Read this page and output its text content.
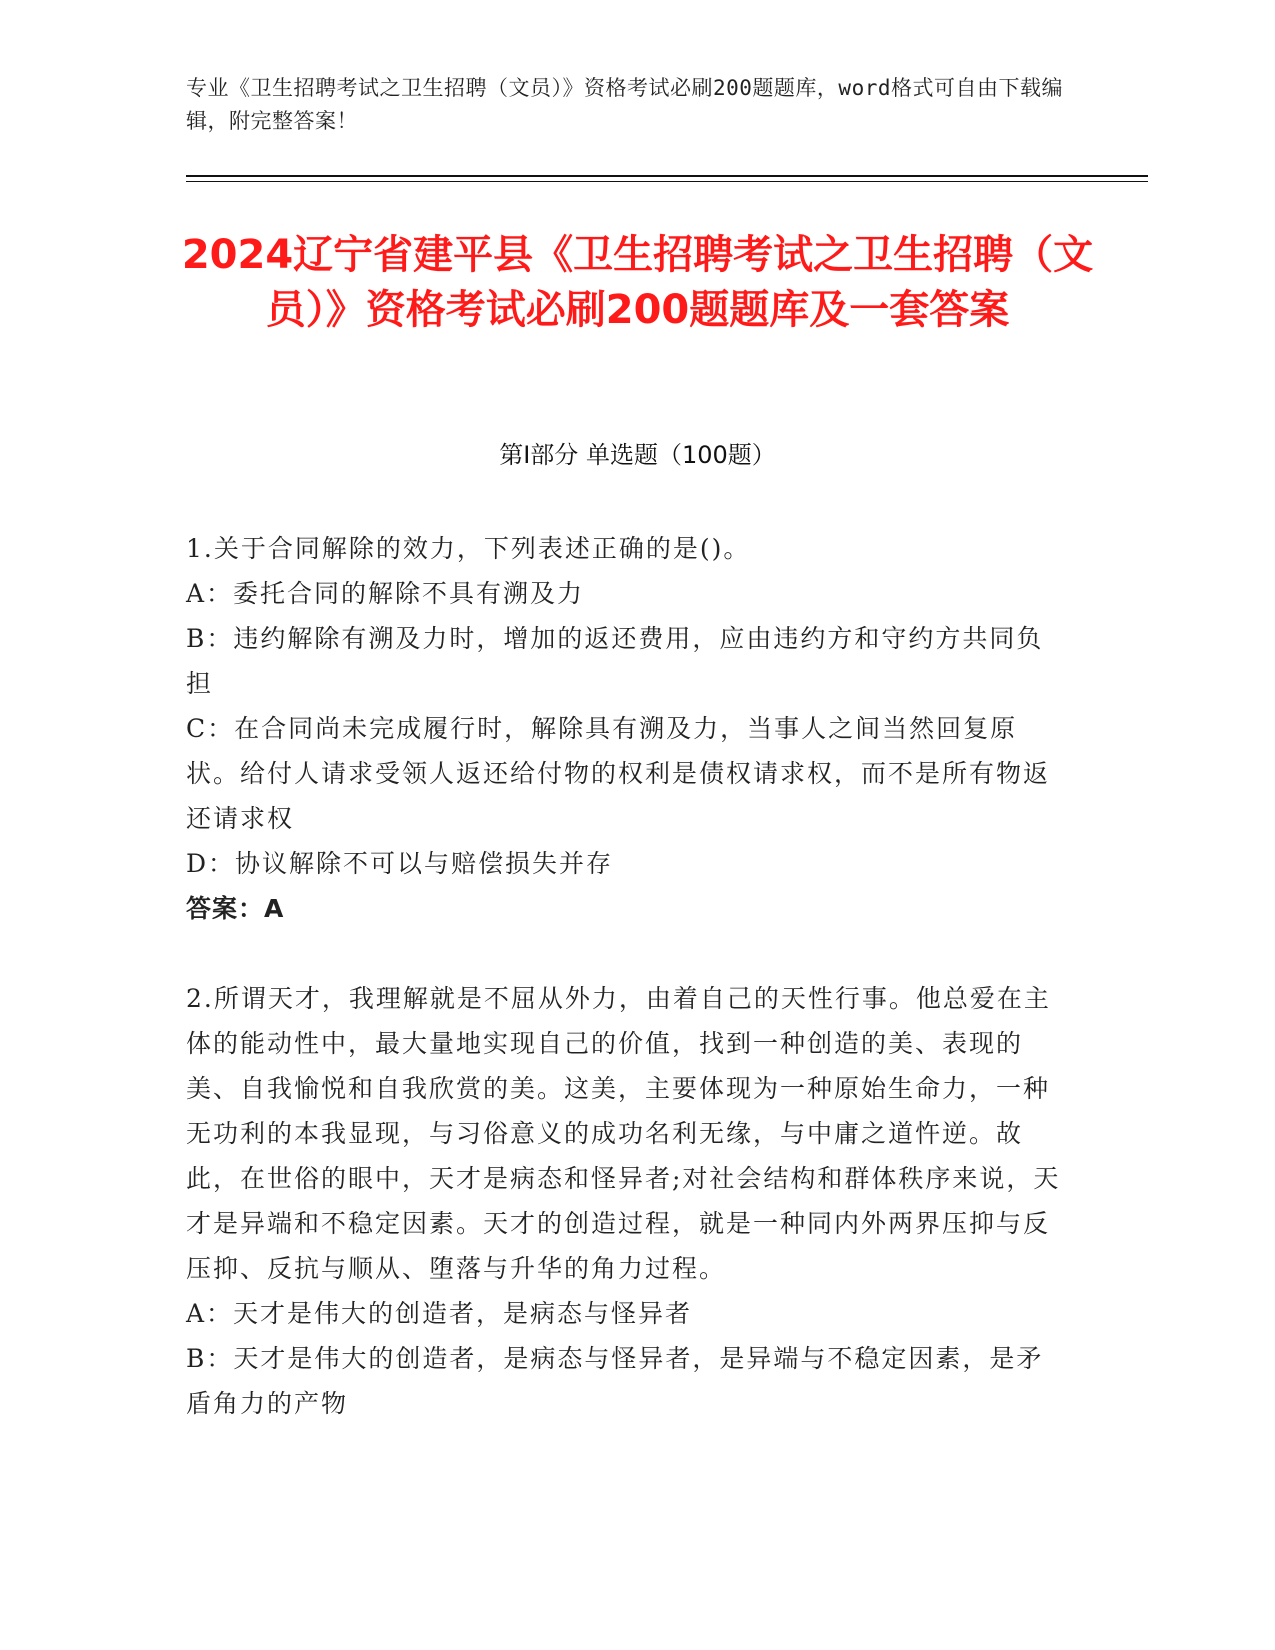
专业《卫生招聘考试之卫生招聘（文员）》资格考试必刷200题题库，word格式可自由下载编辑，附完整答案！
2024辽宁省建平县《卫生招聘考试之卫生招聘（文员）》资格考试必刷200题题库及一套答案
第Ⅰ部分 单选题（100题）

1.关于合同解除的效力，下列表述正确的是()。

A：委托合同的解除不具有溯及力

B：违约解除有溯及力时，增加的返还费用，应由违约方和守约方共同负担

C：在合同尚未完成履行时，解除具有溯及力，当事人之间当然回复原状。给付人请求受领人返还给付物的权利是债权请求权，而不是所有物返还请求权

D：协议解除不可以与赔偿损失并存

答案：A

2.所谓天才，我理解就是不屈从外力，由着自己的天性行事。他总爱在主体的能动性中，最大量地实现自己的价值，找到一种创造的美、表现的美、自我愉悦和自我欣赏的美。这美，主要体现为一种原始生命力，一种无功利的本我显现，与习俗意义的成功名利无缘，与中庸之道忤逆。故此，在世俗的眼中，天才是病态和怪异者;对社会结构和群体秩序来说，天才是异端和不稳定因素。天才的创造过程，就是一种同内外两界压抑与反压抑、反抗与顺从、堕落与升华的角力过程。

A：天才是伟大的创造者，是病态与怪异者

B：天才是伟大的创造者，是病态与怪异者，是异端与不稳定因素，是矛盾角力的产物
